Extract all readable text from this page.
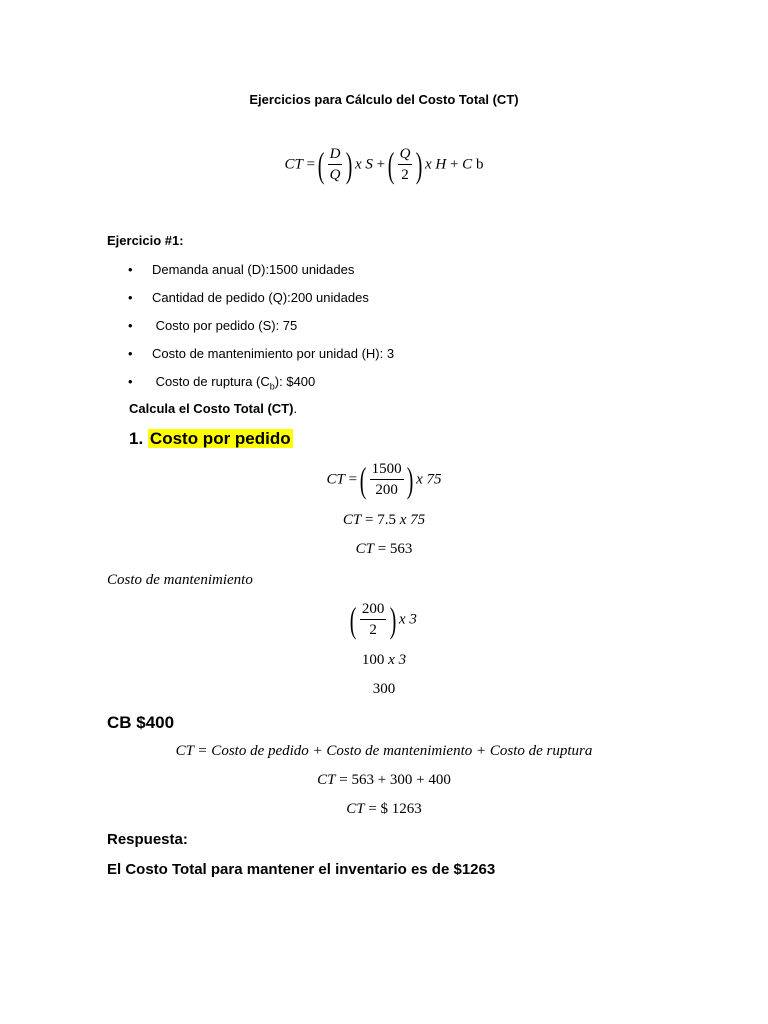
Ejercicios para Cálculo del Costo Total (CT)
CT = ( $\frac{D}{Q}$ ) x S + ( $\frac{Q}{2}$ ) x H + C b
Ejercicio #1:
• Demanda anual (D):1500 unidades
• Cantidad de pedido (Q):200 unidades
• Costo por pedido (S): 75
• Costo de mantenimiento por unidad (H): 3
• Costo de ruptura $(C_b)$: $400
Calcula el Costo Total (CT).
1. Costo por pedido
CT = ( $\frac{1500}{200}$ ) x 75
CT = 7.5 x 75
CT = 563
Costo de mantenimiento
( $\frac{200}{2}$ ) x 3
100 x 3
300
CB $400
CT = Costo de pedido + Costo de mantenimiento + Costo de ruptura
CT = 563 + 300 + 400
CT = $ 1263
Respuesta:
El Costo Total para mantener el inventario es de $1263
